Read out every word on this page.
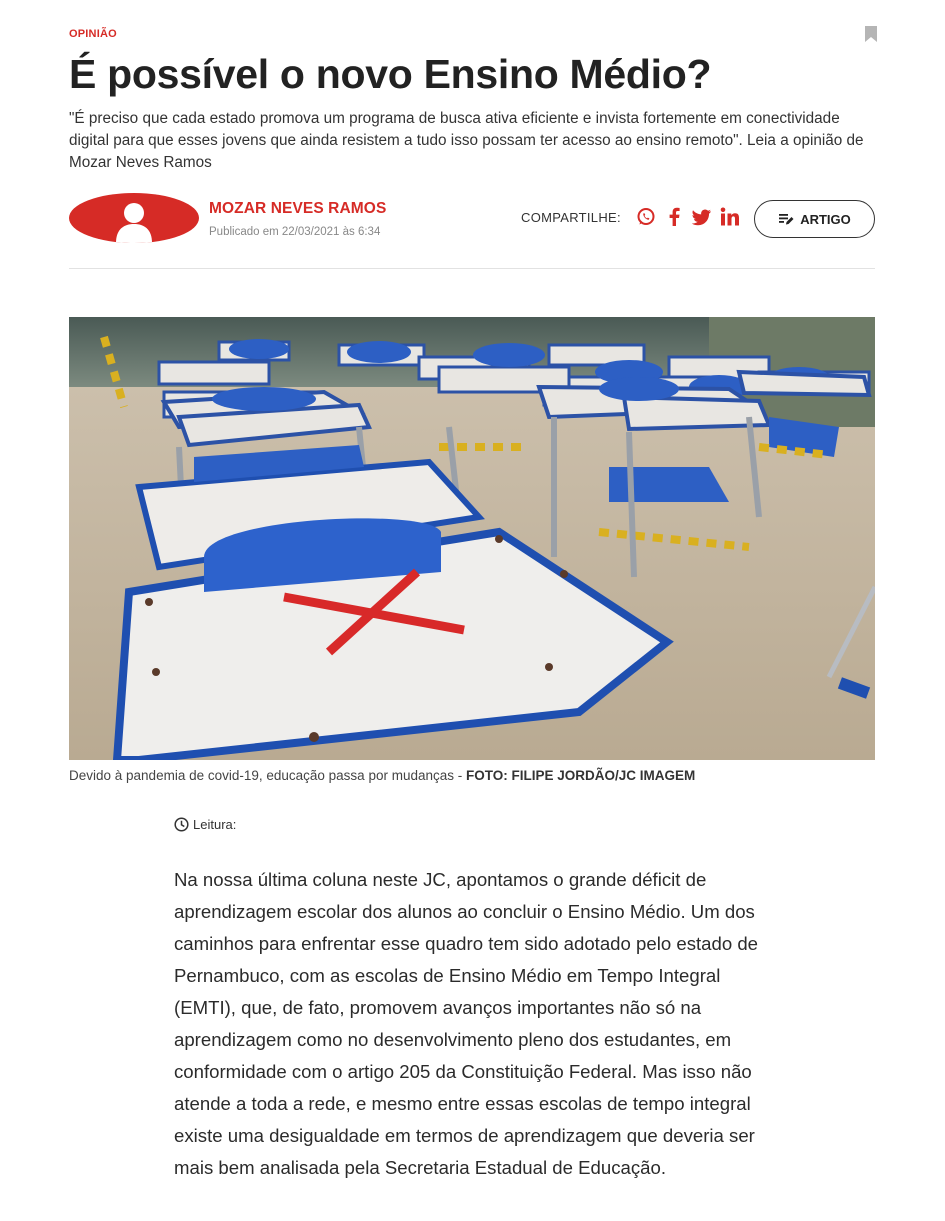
OPINIÃO
É possível o novo Ensino Médio?

"É preciso que cada estado promova um programa de busca ativa eficiente e invista fortemente em conectividade digital para que esses jovens que ainda resistem a tudo isso possam ter acesso ao ensino remoto". Leia a opinião de Mozar Neves Ramos

MOZAR NEVES RAMOS
Publicado em 22/03/2021 às 6:34
COMPARTILHE:	ARTIGO
Devido à pandemia de covid-19, educação passa por mudanças - FOTO: FILIPE JORDÃO/JC IMAGEM
Leitura:

Na nossa última coluna neste JC, apontamos o grande déficit de aprendizagem escolar dos alunos ao concluir o Ensino Médio. Um dos caminhos para enfrentar esse quadro tem sido adotado pelo estado de Pernambuco, com as escolas de Ensino Médio em Tempo Integral (EMTI), que, de fato, promovem avanços importantes não só na aprendizagem como no desenvolvimento pleno dos estudantes, em conformidade com o artigo 205 da Constituição Federal. Mas isso não atende a toda a rede, e mesmo entre essas escolas de tempo integral existe uma desigualdade em termos de aprendizagem que deveria ser mais bem analisada pela Secretaria Estadual de Educação.
